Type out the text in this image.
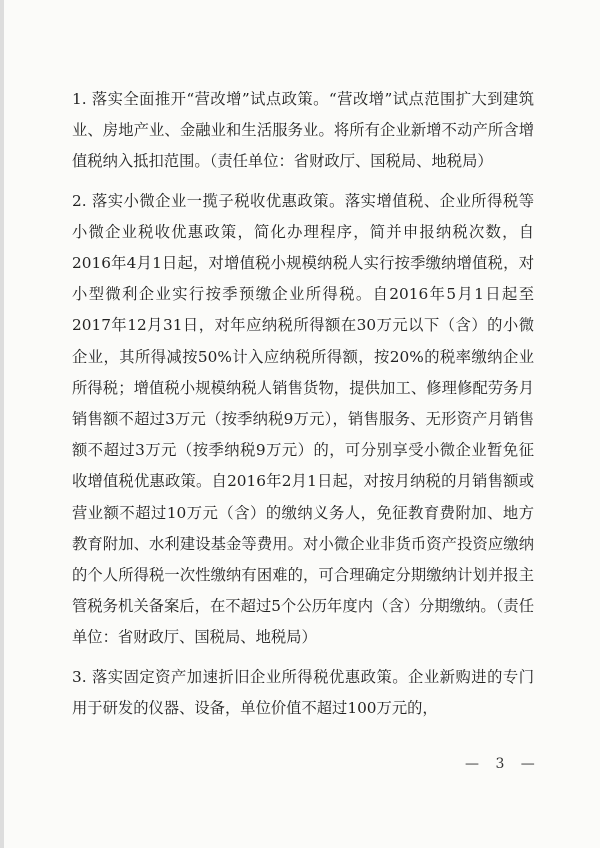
1. 落实全面推开“营改增”试点政策。“营改增”试点范围扩大到建筑业、房地产业、金融业和生活服务业。将所有企业新增不动产所含增值税纳入抵扣范围。（责任单位：省财政厅、国税局、地税局）

2. 落实小微企业一揽子税收优惠政策。落实增值税、企业所得税等小微企业税收优惠政策，简化办理程序，简并申报纳税次数，自2016年4月1日起，对增值税小规模纳税人实行按季缴纳增值税，对小型微利企业实行按季预缴企业所得税。自2016年5月1日起至2017年12月31日，对年应纳税所得额在30万元以下（含）的小微企业，其所得减按50%计入应纳税所得额，按20%的税率缴纳企业所得税；增值税小规模纳税人销售货物，提供加工、修理修配劳务月销售额不超过3万元（按季纳税9万元），销售服务、无形资产月销售额不超过3万元（按季纳税9万元）的，可分别享受小微企业暂免征收增值税优惠政策。自2016年2月1日起，对按月纳税的月销售额或营业额不超过10万元（含）的缴纳义务人，免征教育费附加、地方教育附加、水利建设基金等费用。对小微企业非货币资产投资应缴纳的个人所得税一次性缴纳有困难的，可合理确定分期缴纳计划并报主管税务机关备案后，在不超过5个公历年度内（含）分期缴纳。（责任单位：省财政厅、国税局、地税局）

3. 落实固定资产加速折旧企业所得税优惠政策。企业新购进的专门用于研发的仪器、设备，单位价值不超过100万元的，

— 3 —
